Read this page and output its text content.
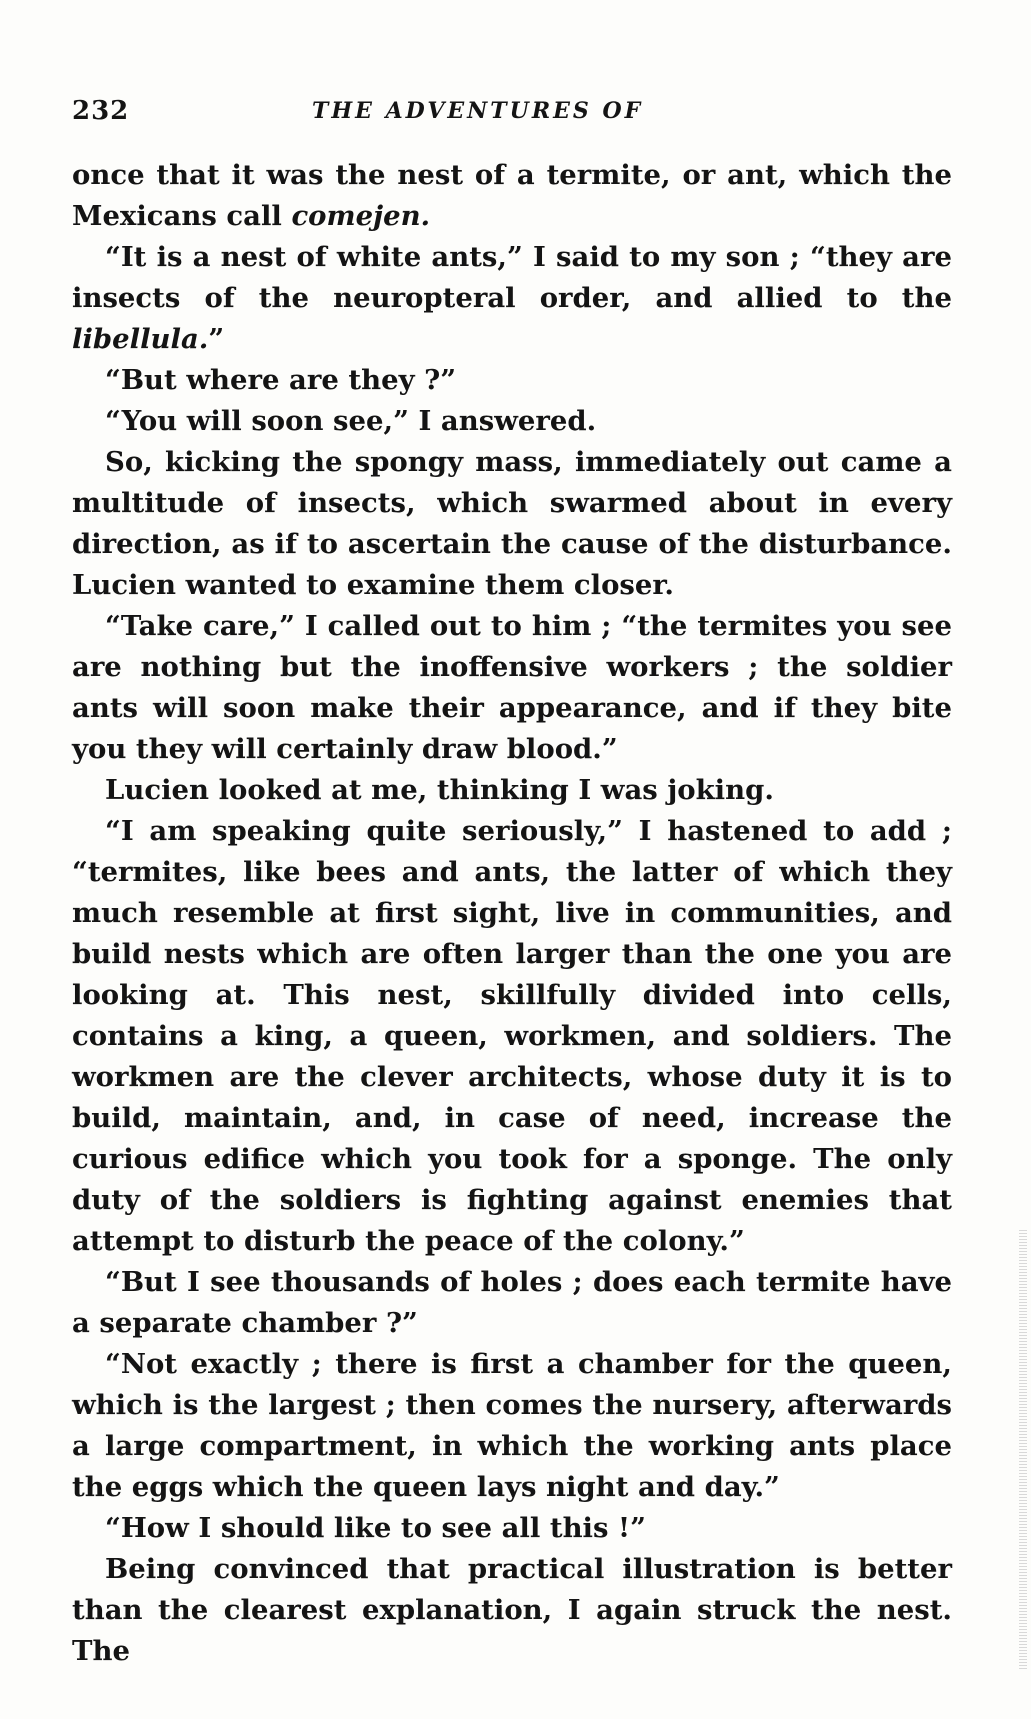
232	THE ADVENTURES OF

once that it was the nest of a termite, or ant, which the Mexicans call comejen.

“It is a nest of white ants,” I said to my son ; “they are insects of the neuropteral order, and allied to the libellula.”

“But where are they ?”

“You will soon see,” I answered.

So, kicking the spongy mass, immediately out came a multitude of insects, which swarmed about in every direction, as if to ascertain the cause of the disturbance. Lucien wanted to examine them closer.

“Take care,” I called out to him ; “the termites you see are nothing but the inoffensive workers ; the soldier ants will soon make their appearance, and if they bite you they will certainly draw blood.”

Lucien looked at me, thinking I was joking.

“I am speaking quite seriously,” I hastened to add ; “termites, like bees and ants, the latter of which they much resemble at first sight, live in communities, and build nests which are often larger than the one you are looking at. This nest, skillfully divided into cells, contains a king, a queen, workmen, and soldiers. The workmen are the clever architects, whose duty it is to build, maintain, and, in case of need, increase the curious edifice which you took for a sponge. The only duty of the soldiers is fighting against enemies that attempt to disturb the peace of the colony.”

“But I see thousands of holes ; does each termite have a separate chamber ?”

“Not exactly ; there is first a chamber for the queen, which is the largest ; then comes the nursery, afterwards a large compartment, in which the working ants place the eggs which the queen lays night and day.”

“How I should like to see all this !”

Being convinced that practical illustration is better than the clearest explanation, I again struck the nest. The
